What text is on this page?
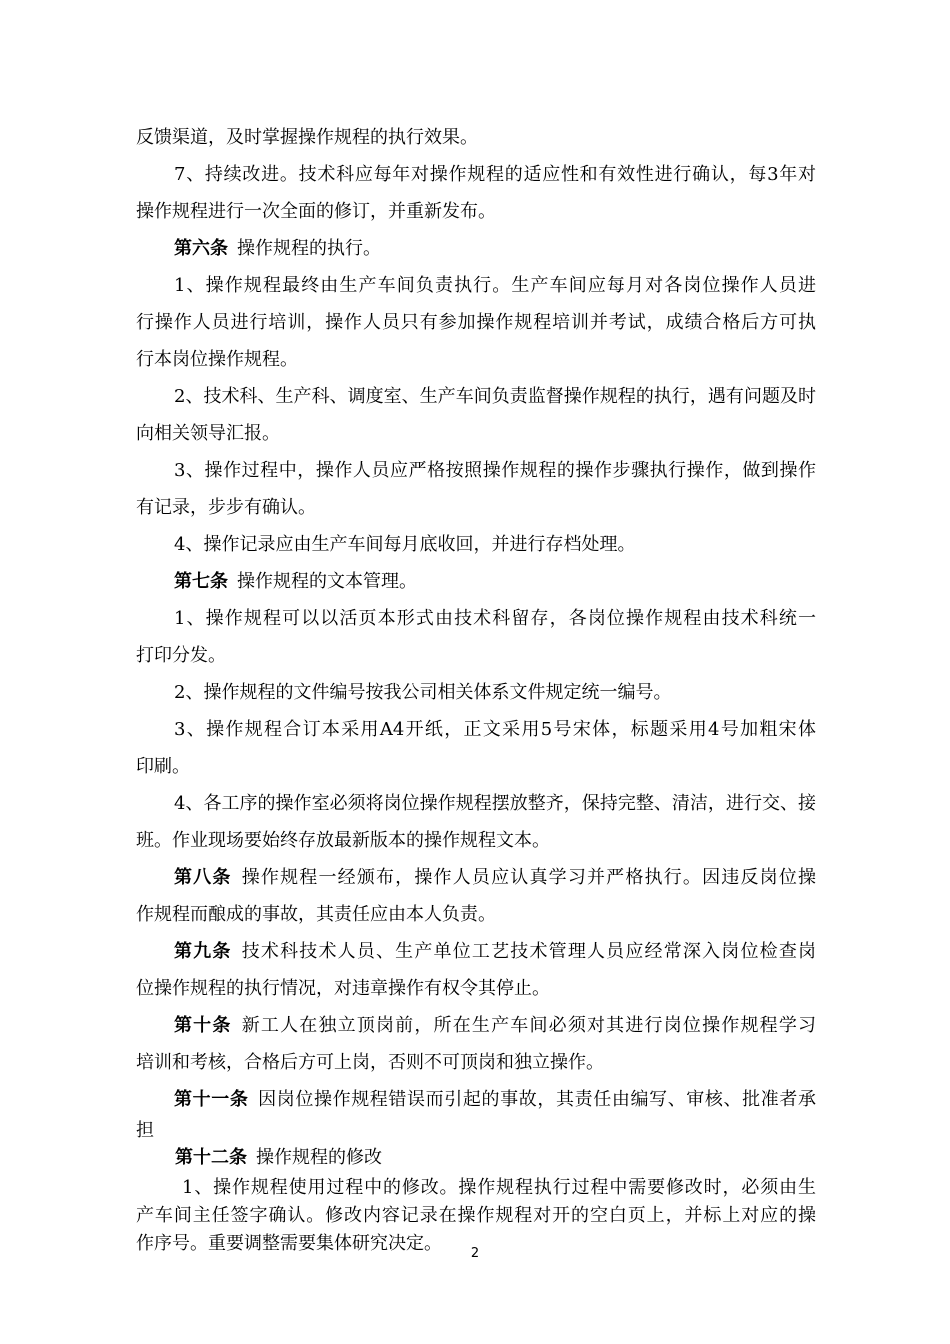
反馈渠道，及时掌握操作规程的执行效果。
7、持续改进。技术科应每年对操作规程的适应性和有效性进行确认，每3年对
操作规程进行一次全面的修订，并重新发布。
第六条  操作规程的执行。
1、操作规程最终由生产车间负责执行。生产车间应每月对各岗位操作人员进
行操作人员进行培训，操作人员只有参加操作规程培训并考试，成绩合格后方可执
行本岗位操作规程。
2、技术科、生产科、调度室、生产车间负责监督操作规程的执行，遇有问题及时
向相关领导汇报。
3、操作过程中，操作人员应严格按照操作规程的操作步骤执行操作，做到操作
有记录，步步有确认。
4、操作记录应由生产车间每月底收回，并进行存档处理。
第七条  操作规程的文本管理。
1、操作规程可以以活页本形式由技术科留存，各岗位操作规程由技术科统一
打印分发。
2、操作规程的文件编号按我公司相关体系文件规定统一编号。
3、操作规程合订本采用A4开纸，正文采用5号宋体，标题采用4号加粗宋体
印刷。
4、各工序的操作室必须将岗位操作规程摆放整齐，保持完整、清洁，进行交、接
班。作业现场要始终存放最新版本的操作规程文本。
第八条  操作规程一经颁布，操作人员应认真学习并严格执行。因违反岗位操
作规程而酿成的事故，其责任应由本人负责。
第九条  技术科技术人员、生产单位工艺技术管理人员应经常深入岗位检查岗
位操作规程的执行情况，对违章操作有权令其停止。
第十条  新工人在独立顶岗前，所在生产车间必须对其进行岗位操作规程学习
培训和考核，合格后方可上岗，否则不可顶岗和独立操作。
第十一条  因岗位操作规程错误而引起的事故，其责任由编写、审核、批准者承
担
第十二条  操作规程的修改
1、操作规程使用过程中的修改。操作规程执行过程中需要修改时，必须由生
产车间主任签字确认。修改内容记录在操作规程对开的空白页上，并标上对应的操
作序号。重要调整需要集体研究决定。	2
